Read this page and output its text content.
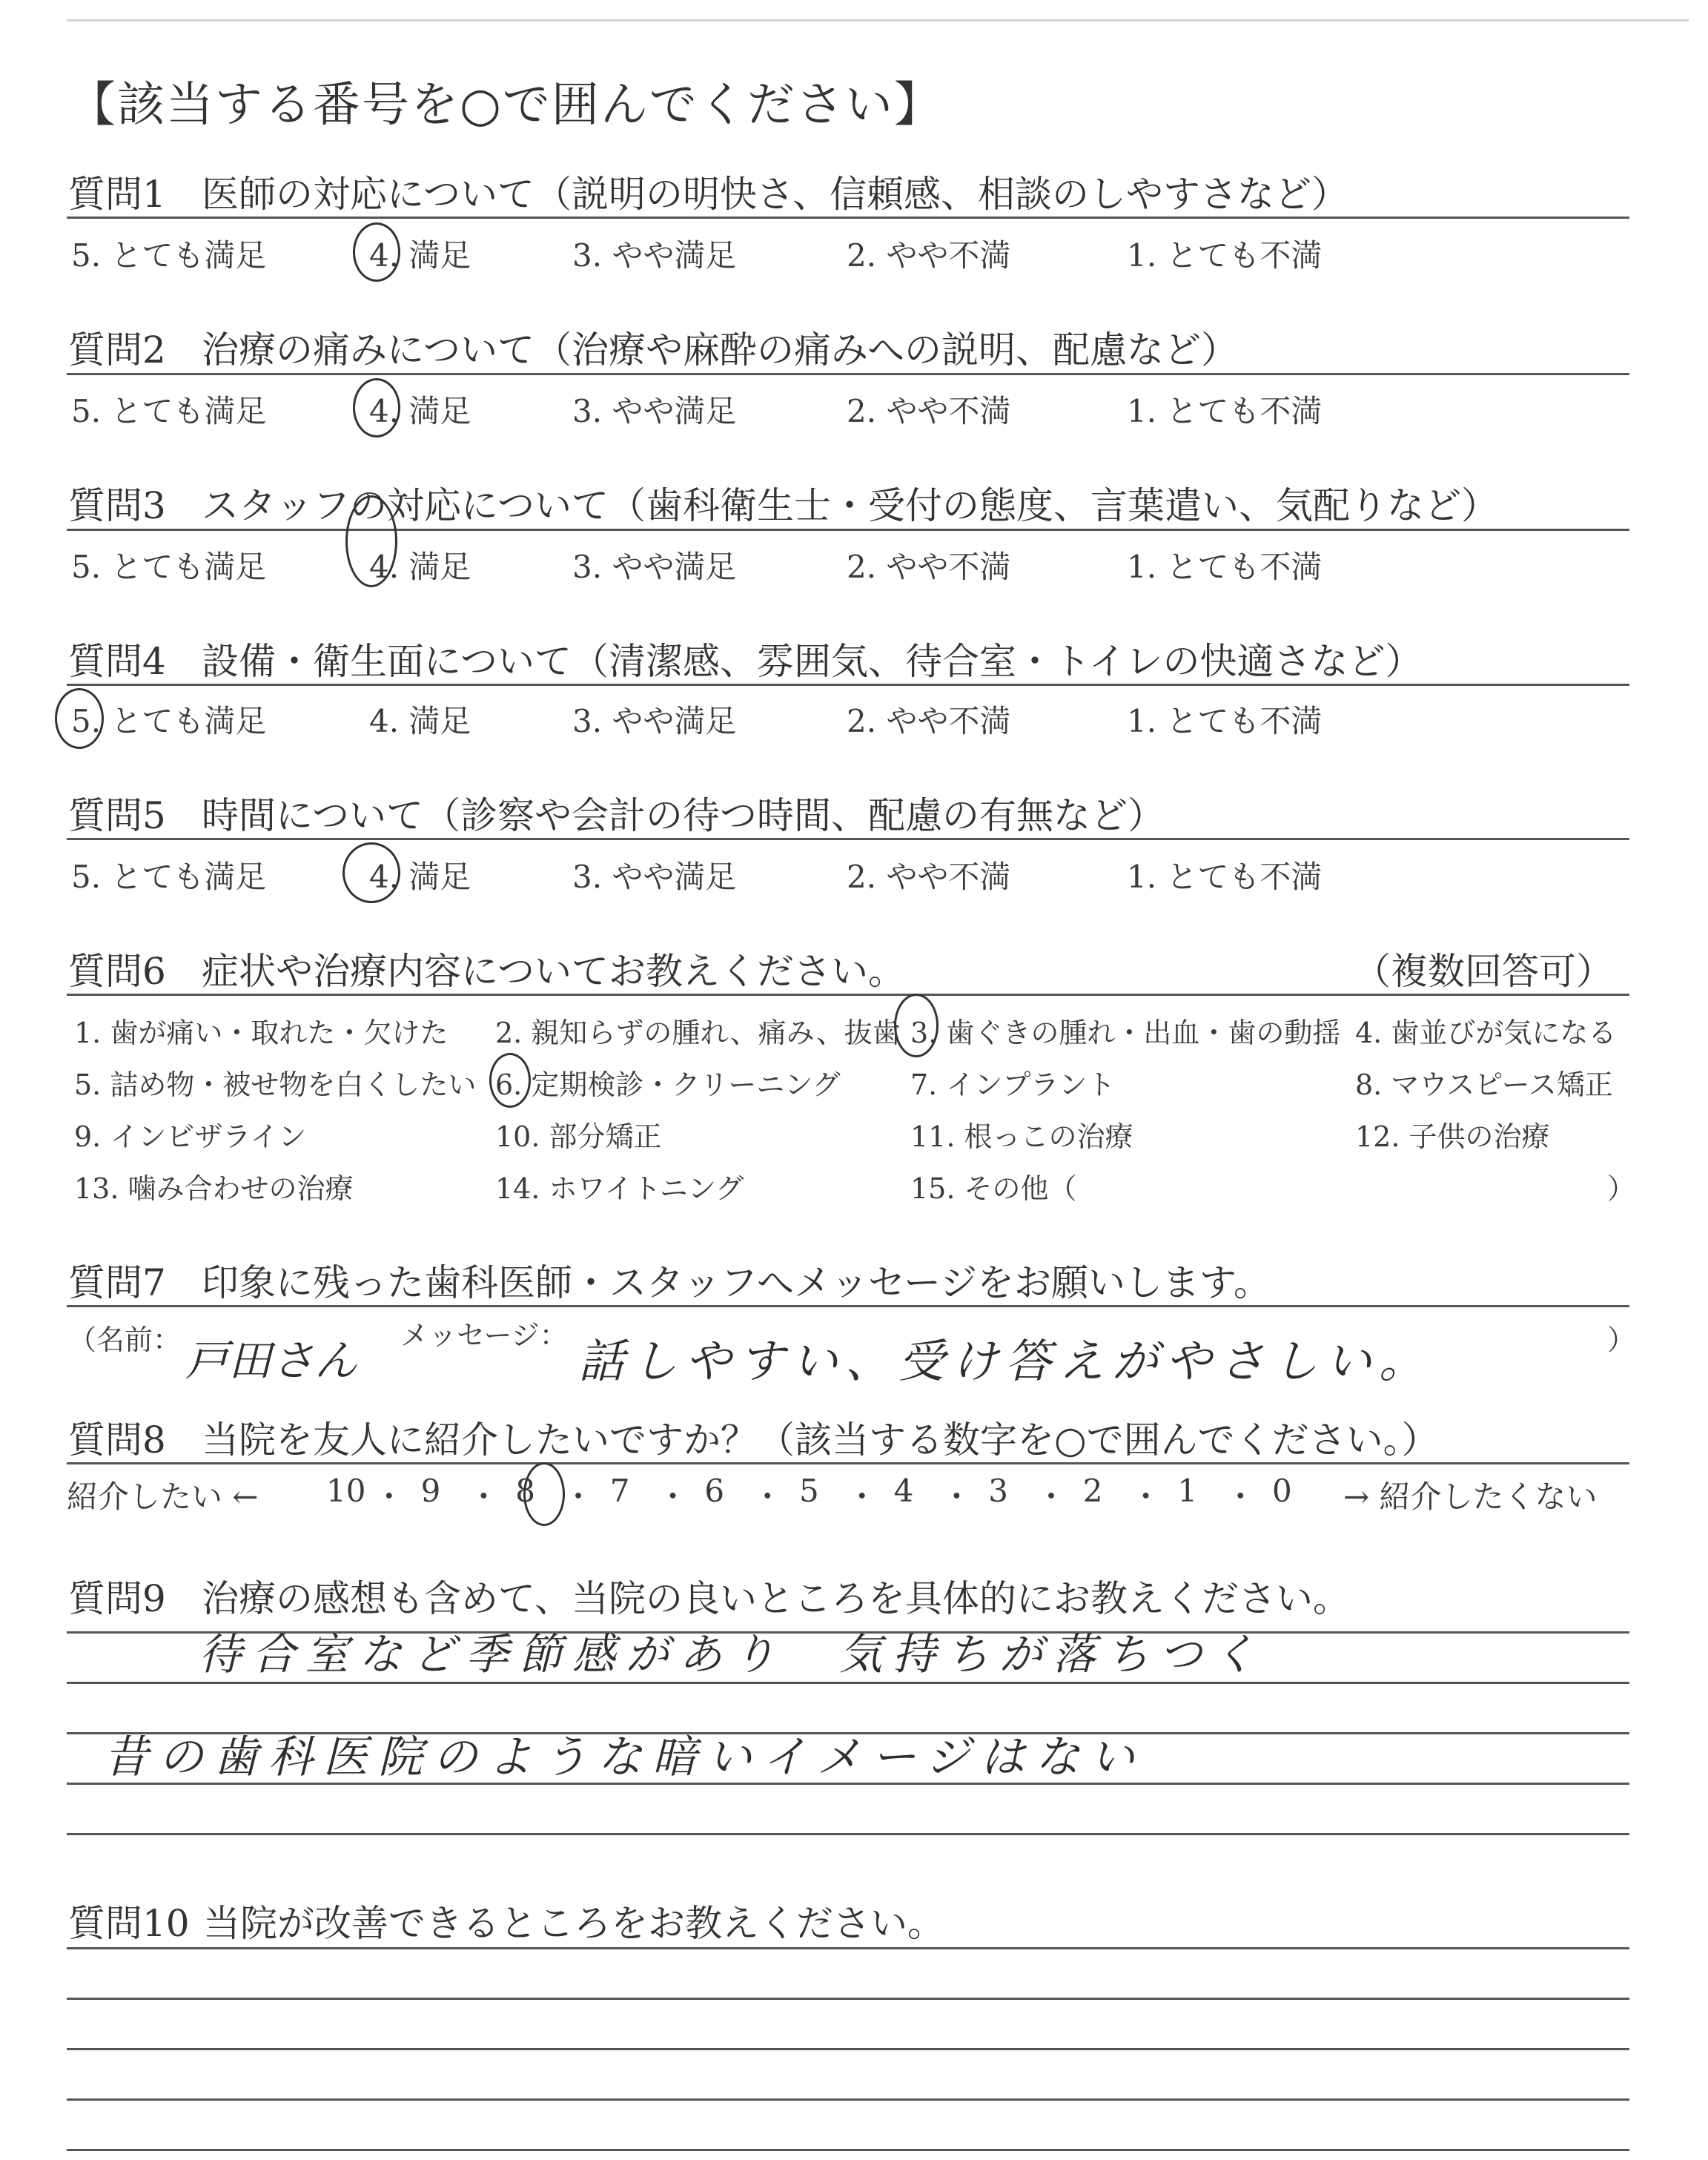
【該当する番号を○で囲んでください】
質問1 医師の対応について（説明の明快さ、信頼感、相談のしやすさなど）
5. とても満足	4. 満足	3. やや満足	2. やや不満	1. とても不満
質問2 治療の痛みについて（治療や麻酔の痛みへの説明、配慮など）
5. とても満足	4. 満足	3. やや満足	2. やや不満	1. とても不満
質問3 スタッフの対応について（歯科衛生士・受付の態度、言葉遣い、気配りなど）
5. とても満足	4. 満足	3. やや満足	2. やや不満	1. とても不満
質問4 設備・衛生面について（清潔感、雰囲気、待合室・トイレの快適さなど）
5. とても満足	4. 満足	3. やや満足	2. やや不満	1. とても不満
質問5 時間について（診察や会計の待つ時間、配慮の有無など）
5. とても満足	4. 満足	3. やや満足	2. やや不満	1. とても不満
質問6 症状や治療内容についてお教えください。	（複数回答可）
1. 歯が痛い・取れた・欠けた 2. 親知らずの腫れ、痛み、抜歯 3. 歯ぐきの腫れ・出血・歯の動揺 4. 歯並びが気になる
5. 詰め物・被せ物を白くしたい 6. 定期検診・クリーニング 7. インプラント	8. マウスピース矯正
9. インビザライン	10. 部分矯正	11. 根っこの治療	12. 子供の治療
13. 噛み合わせの治療	14. ホワイトニング	15. その他（	）
質問7 印象に残った歯科医師・スタッフへメッセージをお願いします。
（名前： 戸田さん メッセージ： 話しやすい、受け答えがやさしい。	）
質問8 当院を友人に紹介したいですか？（該当する数字を○で囲んでください。）
紹介したい ←	→ 紹介したくない
10 ・ 9 ・ 8 ・ 7 ・ 6 ・ 5 ・ 4 ・ 3 ・ 2 ・ 1 ・ 0
質問9 治療の感想も含めて、当院の良いところを具体的にお教えください。
待合室など季節感があり　気持ちが落ちつく
昔の歯科医院のような暗いイメージはない
質問10 当院が改善できるところをお教えください。
